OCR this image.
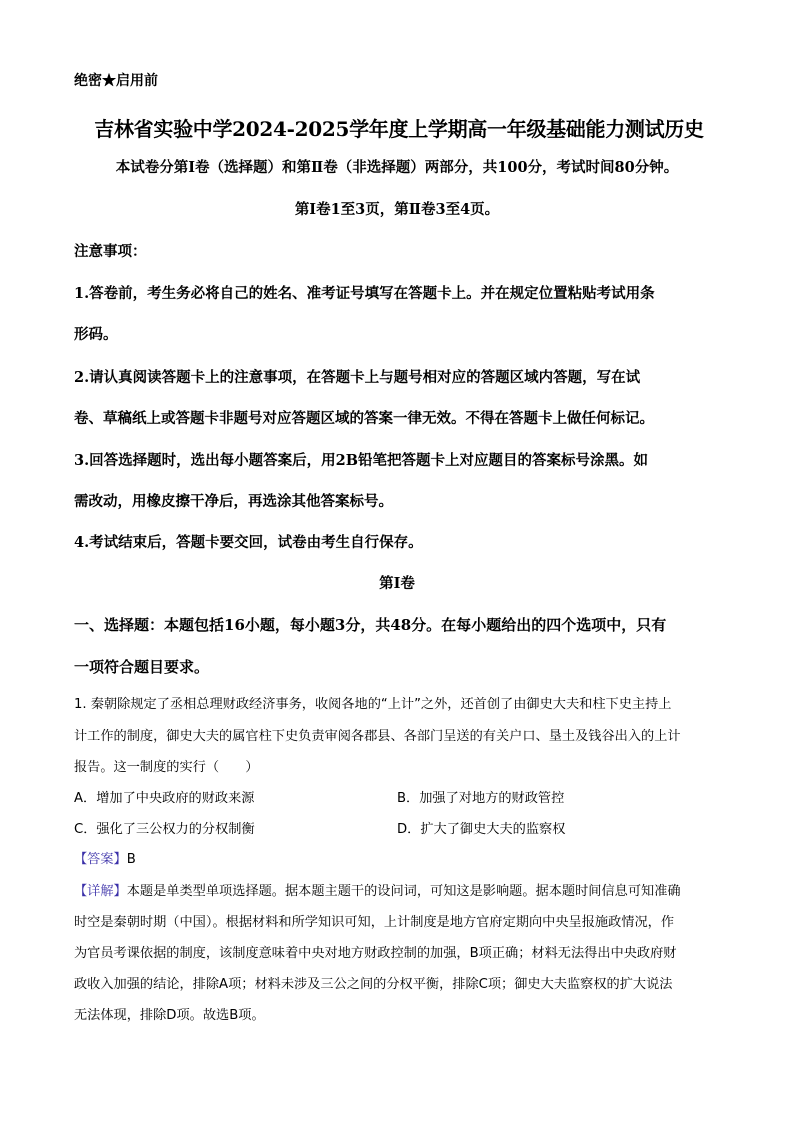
绝密★启用前
吉林省实验中学2024-2025学年度上学期高一年级基础能力测试历史
本试卷分第Ⅰ卷（选择题）和第Ⅱ卷（非选择题）两部分，共100分，考试时间80分钟。
第Ⅰ卷1至3页，第Ⅱ卷3至4页。
注意事项：
1.答卷前，考生务必将自己的姓名、准考证号填写在答题卡上。并在规定位置粘贴考试用条
形码。
2.请认真阅读答题卡上的注意事项，在答题卡上与题号相对应的答题区域内答题，写在试
卷、草稿纸上或答题卡非题号对应答题区域的答案一律无效。不得在答题卡上做任何标记。
3.回答选择题时，选出每小题答案后，用2B铅笔把答题卡上对应题目的答案标号涂黑。如
需改动，用橡皮擦干净后，再选涂其他答案标号。
4.考试结束后，答题卡要交回，试卷由考生自行保存。
第Ⅰ卷
一、选择题：本题包括16小题，每小题3分，共48分。在每小题给出的四个选项中，只有
一项符合题目要求。
1. 秦朝除规定了丞相总理财政经济事务，收阅各地的“上计”之外，还首创了由御史大夫和柱下史主持上
计工作的制度，御史大夫的属官柱下史负责审阅各郡县、各部门呈送的有关户口、垦土及钱谷出入的上计
报告。这一制度的实行（　　）
A．增加了中央政府的财政来源	B．加强了对地方的财政管控
C．强化了三公权力的分权制衡	D．扩大了御史大夫的监察权
【答案】B
【详解】本题是单类型单项选择题。据本题主题干的设问词，可知这是影响题。据本题时间信息可知准确
时空是秦朝时期（中国）。根据材料和所学知识可知，上计制度是地方官府定期向中央呈报施政情况，作
为官员考课依据的制度，该制度意味着中央对地方财政控制的加强，B项正确；材料无法得出中央政府财
政收入加强的结论，排除A项；材料未涉及三公之间的分权平衡，排除C项；御史大夫监察权的扩大说法
无法体现，排除D项。故选B项。
